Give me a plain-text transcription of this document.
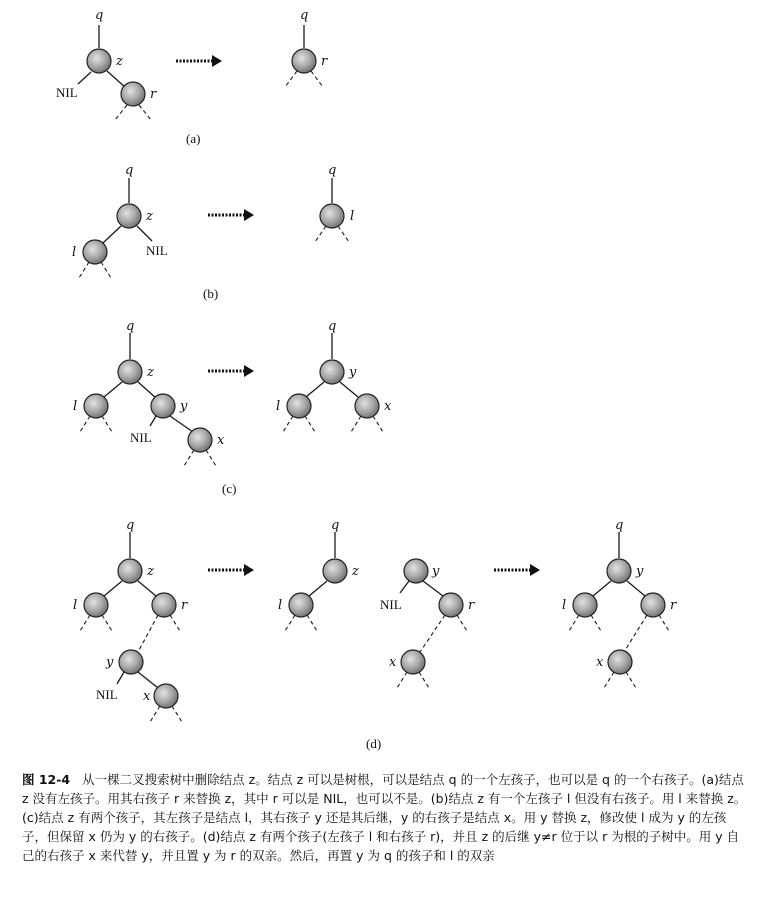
q
z
r
NIL
q
r
(a)
q
z
l	NIL
q
l
(b)
q
z
l	y
x
NIL
q
y
l	x
(c)
q
z
l	r
y
x
NIL
q
z
l
y
r
x
NIL
q
y
l	r
x
(d)
图 12-4 从一棵二叉搜索树中删除结点 z。结点 z 可以是树根，可以是结点 q 的一个左孩子，也可以是 q 的一个右孩子。(a)结点 z 没有左孩子。用其右孩子 r 来替换 z，其中 r 可以是 NIL，也可以不是。(b)结点 z 有一个左孩子 l 但没有右孩子。用 l 来替换 z。(c)结点 z 有两个孩子，其左孩子是结点 l，其右孩子 y 还是其后继，y 的右孩子是结点 x。用 y 替换 z，修改使 l 成为 y 的左孩子，但保留 x 仍为 y 的右孩子。(d)结点 z 有两个孩子(左孩子 l 和右孩子 r)，并且 z 的后继 y≠r 位于以 r 为根的子树中。用 y 自己的右孩子 x 来代替 y，并且置 y 为 r 的双亲。然后，再置 y 为 q 的孩子和 l 的双亲
